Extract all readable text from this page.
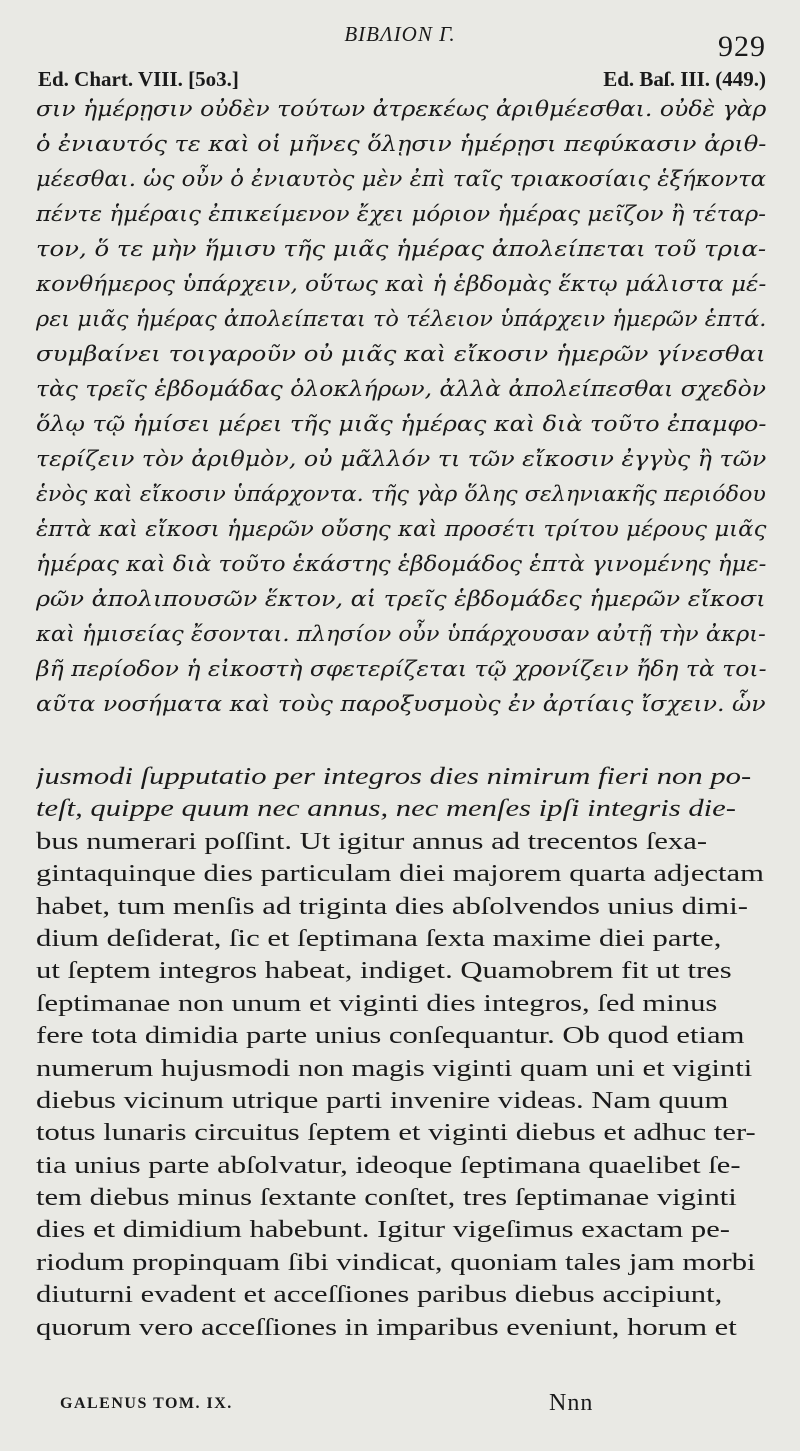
BIBΛΙΟΝ Γ.	929
Ed. Chart. VIII. [5o3.]	Ed. Baſ. III. (449.)
σιν ἡμέρῃσιν οὐδὲν τούτων ἀτρεκέως ἀριθμέεσθαι. οὐδὲ γὰρ
ὁ ἐνιαυτός τε καὶ οἱ μῆνες ὅλῃσιν ἡμέρῃσι πεφύκασιν ἀριθ-
μέεσθαι. ὡς οὖν ὁ ἐνιαυτὸς μὲν ἐπὶ ταῖς τριακοσίαις ἑξήκοντα
πέντε ἡμέραις ἐπικείμενον ἔχει μόριον ἡμέρας μεῖζον ἢ τέταρ-
τον, ὅ τε μὴν ἥμισυ τῆς μιᾶς ἡμέρας ἀπολείπεται τοῦ τρια-
κονθήμερος ὑπάρχειν, οὕτως καὶ ἡ ἑβδομὰς ἕκτῳ μάλιστα μέ-
ρει μιᾶς ἡμέρας ἀπολείπεται τὸ τέλειον ὑπάρχειν ἡμερῶν ἑπτά.
συμβαίνει τοιγαροῦν οὐ μιᾶς καὶ εἴκοσιν ἡμερῶν γίνεσθαι
τὰς τρεῖς ἑβδομάδας ὁλοκλήρων, ἀλλὰ ἀπολείπεσθαι σχεδὸν
ὅλῳ τῷ ἡμίσει μέρει τῆς μιᾶς ἡμέρας καὶ διὰ τοῦτο ἐπαμφο-
τερίζειν τὸν ἀριθμὸν, οὐ μᾶλλόν τι τῶν εἴκοσιν ἐγγὺς ἢ τῶν
ἑνὸς καὶ εἴκοσιν ὑπάρχοντα. τῆς γὰρ ὅλης σεληνιακῆς περιόδου
ἑπτὰ καὶ εἴκοσι ἡμερῶν οὔσης καὶ προσέτι τρίτου μέρους μιᾶς
ἡμέρας καὶ διὰ τοῦτο ἑκάστης ἑβδομάδος ἑπτὰ γινομένης ἡμε-
ρῶν ἀπολιπουσῶν ἕκτον, αἱ τρεῖς ἑβδομάδες ἡμερῶν εἴκοσι
καὶ ἡμισείας ἔσονται. πλησίον οὖν ὑπάρχουσαν αὐτῇ τὴν ἀκρι-
βῆ περίοδον ἡ εἰκοστὴ σφετερίζεται τῷ χρονίζειν ἤδη τὰ τοι-
αῦτα νοσήματα καὶ τοὺς παροξυσμοὺς ἐν ἀρτίαις ἴσχειν. ὧν
jusmodi ſupputatio per integros dies nimirum fieri non po-
teſt, quippe quum nec annus, nec menſes ipſi integris die-
bus numerari poſſint. Ut igitur annus ad trecentos ſexa-
gintaquinque dies particulam diei majorem quarta adjectam
habet, tum menſis ad triginta dies abſolvendos unius dimi-
dium deſiderat, ſic et ſeptimana ſexta maxime diei parte,
ut ſeptem integros habeat, indiget. Quamobrem fit ut tres
ſeptimanae non unum et viginti dies integros, ſed minus
fere tota dimidia parte unius conſequantur. Ob quod etiam
numerum hujusmodi non magis viginti quam uni et viginti
diebus vicinum utrique parti invenire videas. Nam quum
totus lunaris circuitus ſeptem et viginti diebus et adhuc ter-
tia unius parte abſolvatur, ideoque ſeptimana quaelibet ſe-
tem diebus minus ſextante conſtet, tres ſeptimanae viginti
dies et dimidium habebunt. Igitur vigeſimus exactam pe-
riodum propinquam ſibi vindicat, quoniam tales jam morbi
diuturni evadent et acceſſiones paribus diebus accipiunt,
quorum vero acceſſiones in imparibus eveniunt, horum et
GALENUS TOM. IX.	Nnn
